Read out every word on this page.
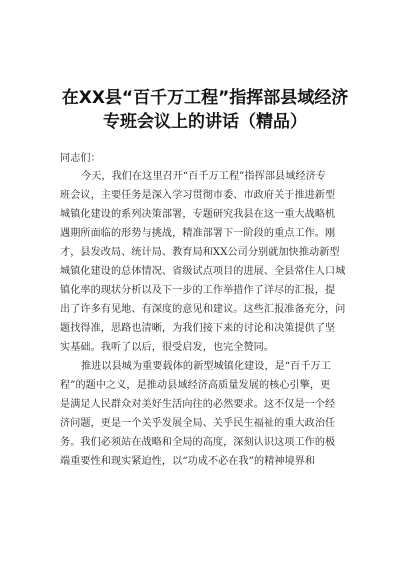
在XX县“百千万工程”指挥部县域经济
专班会议上的讲话（精品）
同志们：
今天，我们在这里召开“百千万工程”指挥部县域经济专
班会议，主要任务是深入学习贯彻市委、市政府关于推进新型
城镇化建设的系列决策部署，专题研究我县在这一重大战略机
遇期所面临的形势与挑战，精准部署下一阶段的重点工作。刚
才，县发改局、统计局、教育局和XX公司分别就加快推动新型
城镇化建设的总体情况、省级试点项目的进展、全县常住人口城
镇化率的现状分析以及下一步的工作举措作了详尽的汇报，提
出了许多有见地、有深度的意见和建议。这些汇报准备充分，问
题找得准，思路也清晰，为我们接下来的讨论和决策提供了坚
实基础。我听了以后，很受启发，也完全赞同。
推进以县城为重要载体的新型城镇化建设，是“百千万工
程”的题中之义，是推动县域经济高质量发展的核心引擎，更
是满足人民群众对美好生活向往的必然要求。这不仅是一个经
济问题，更是一个关乎发展全局、关乎民生福祉的重大政治任
务。我们必须站在战略和全局的高度，深刻认识这项工作的极
端重要性和现实紧迫性，以“功成不必在我”的精神境界和
